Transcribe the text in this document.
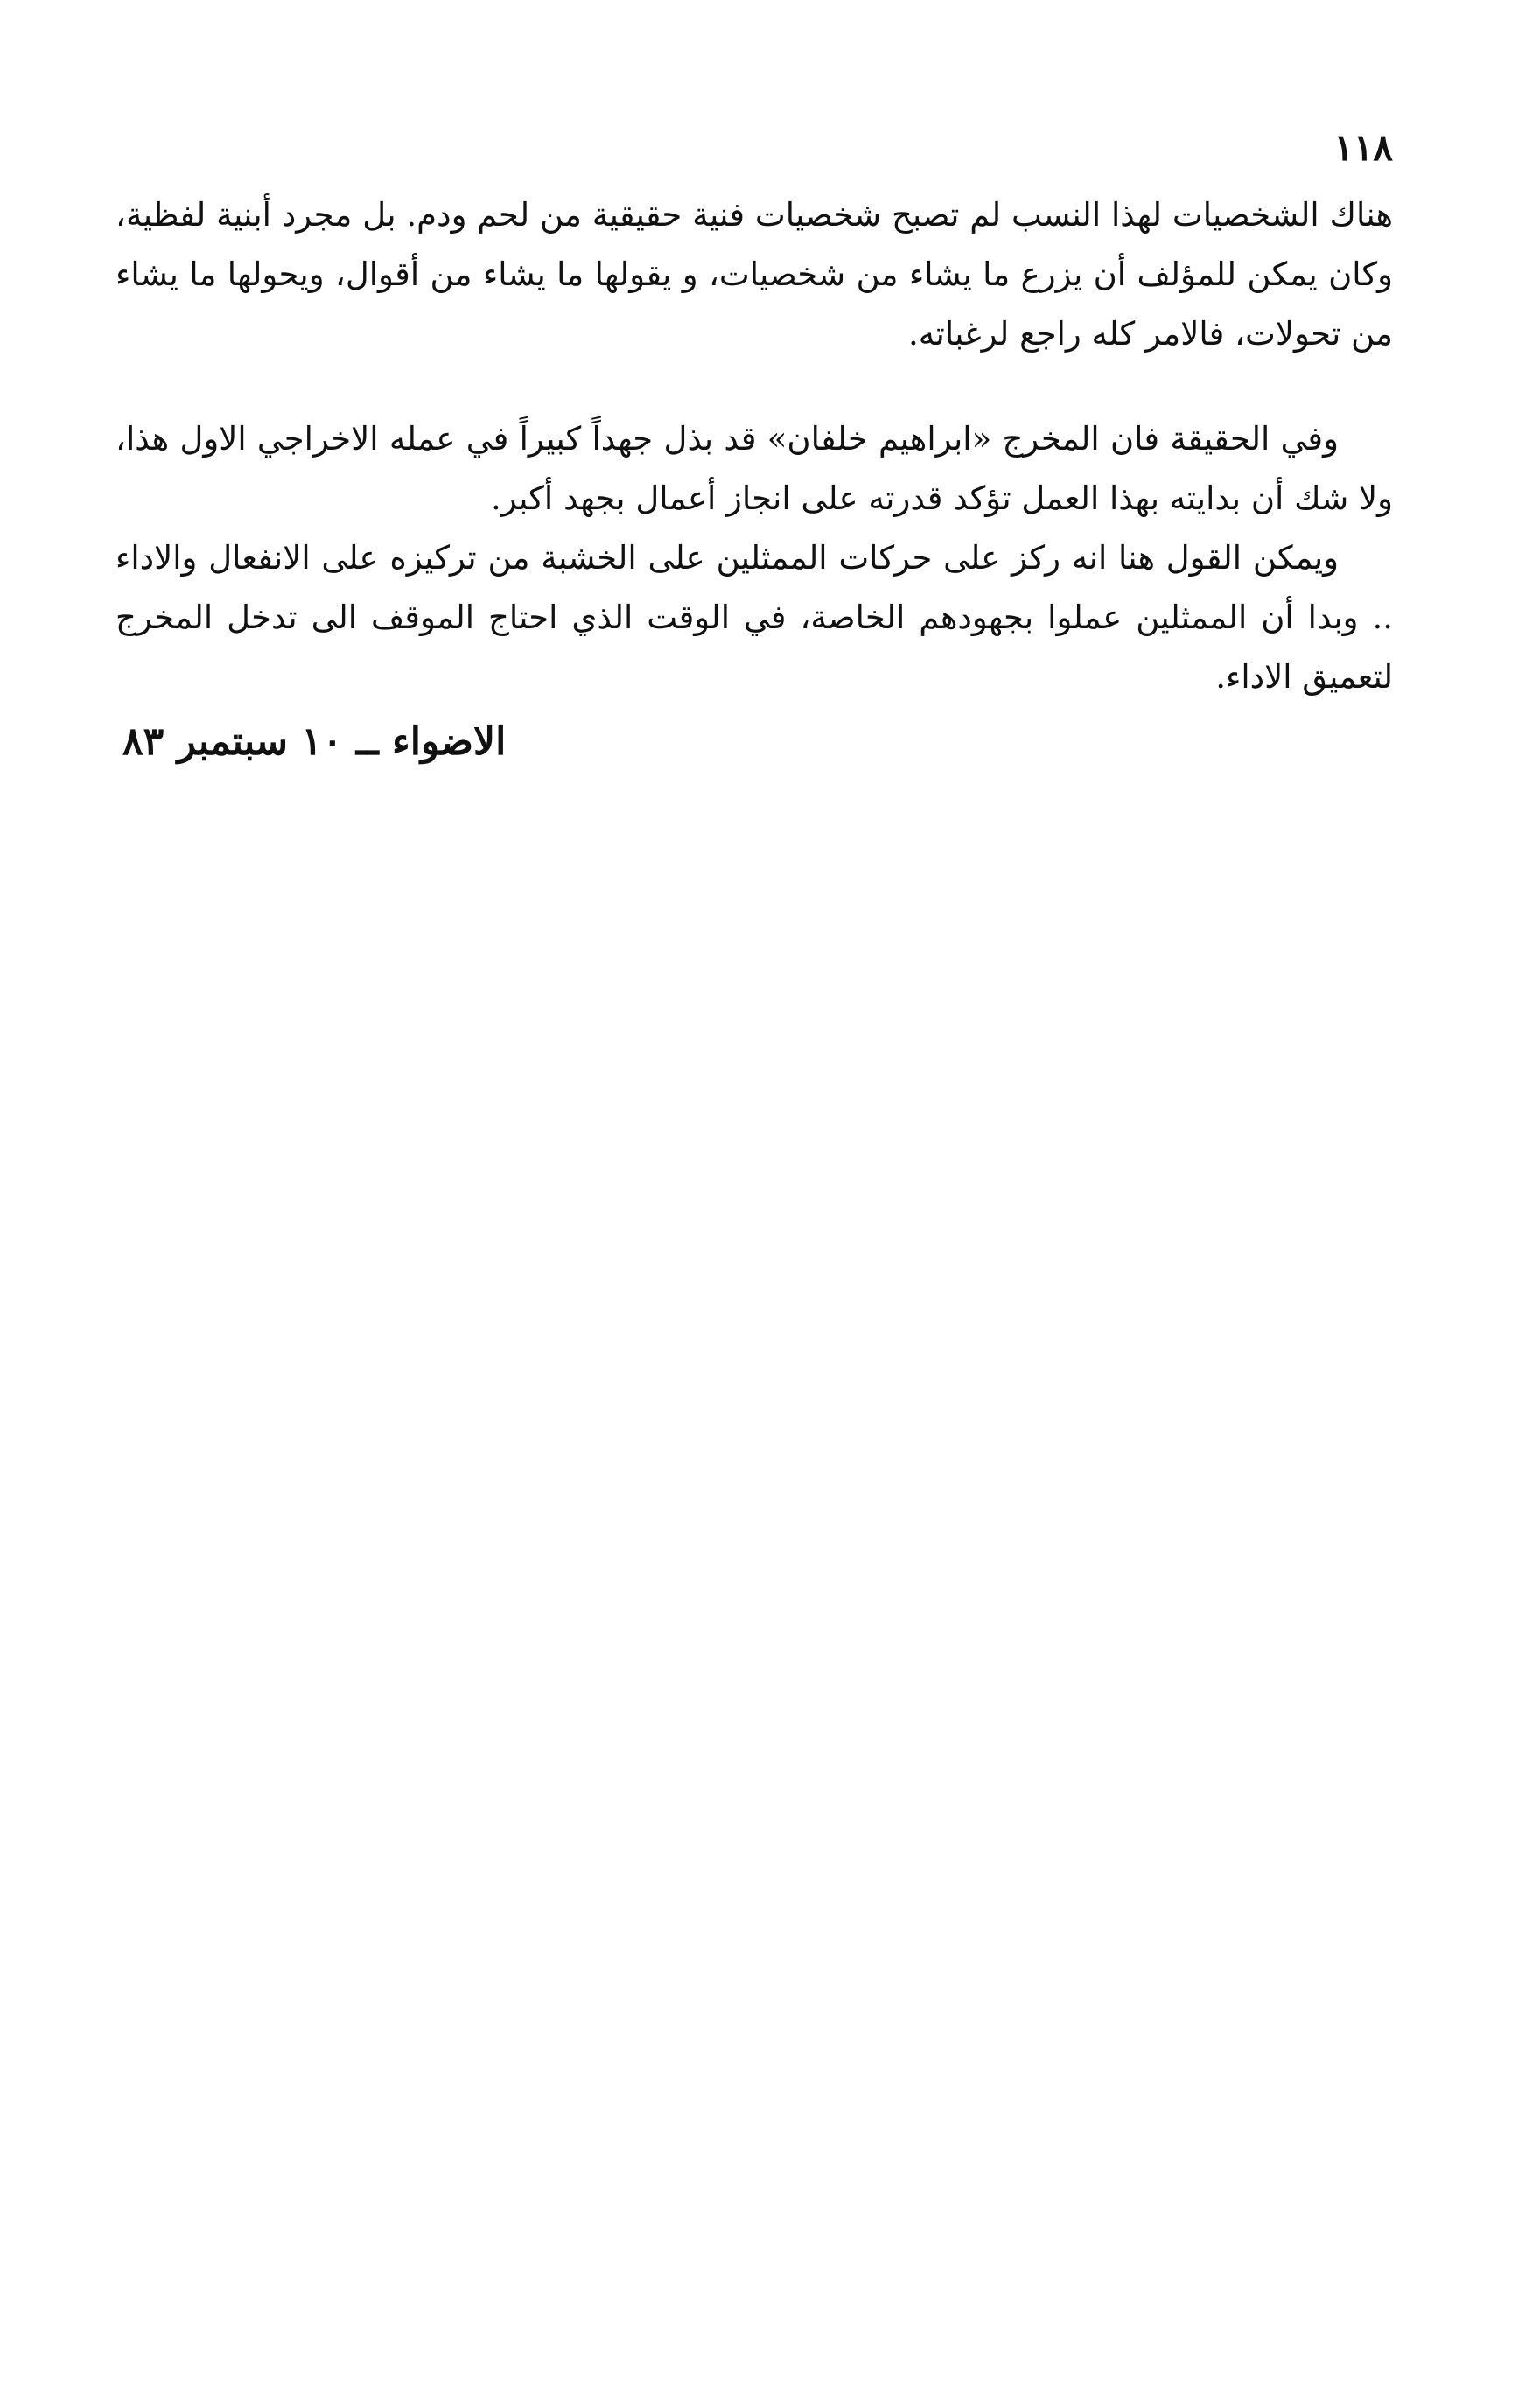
١١٨

هناك الشخصيات لهذا النسب لم تصبح شخصيات فنية حقيقية من لحم ودم. بل مجرد أبنية لفظية، وكان يمكن للمؤلف أن يزرع ما يشاء من شخصيات، و يقولها ما يشاء من أقوال، ويحولها ما يشاء من تحولات، فالامر كله راجع لرغباته.

وفي الحقيقة فان المخرج «ابراهيم خلفان» قد بذل جهداً كبيراً في عمله الاخراجي الاول هذا، ولا شك أن بدايته بهذا العمل تؤكد قدرته على انجاز أعمال بجهد أكبر.

ويمكن القول هنا انه ركز على حركات الممثلين على الخشبة من تركيزه على الانفعال والاداء .. وبدا أن الممثلين عملوا بجهودهم الخاصة، في الوقت الذي احتاج الموقف الى تدخل المخرج لتعميق الاداء.

الاضواء ــ ١٠ سبتمبر ٨٣
